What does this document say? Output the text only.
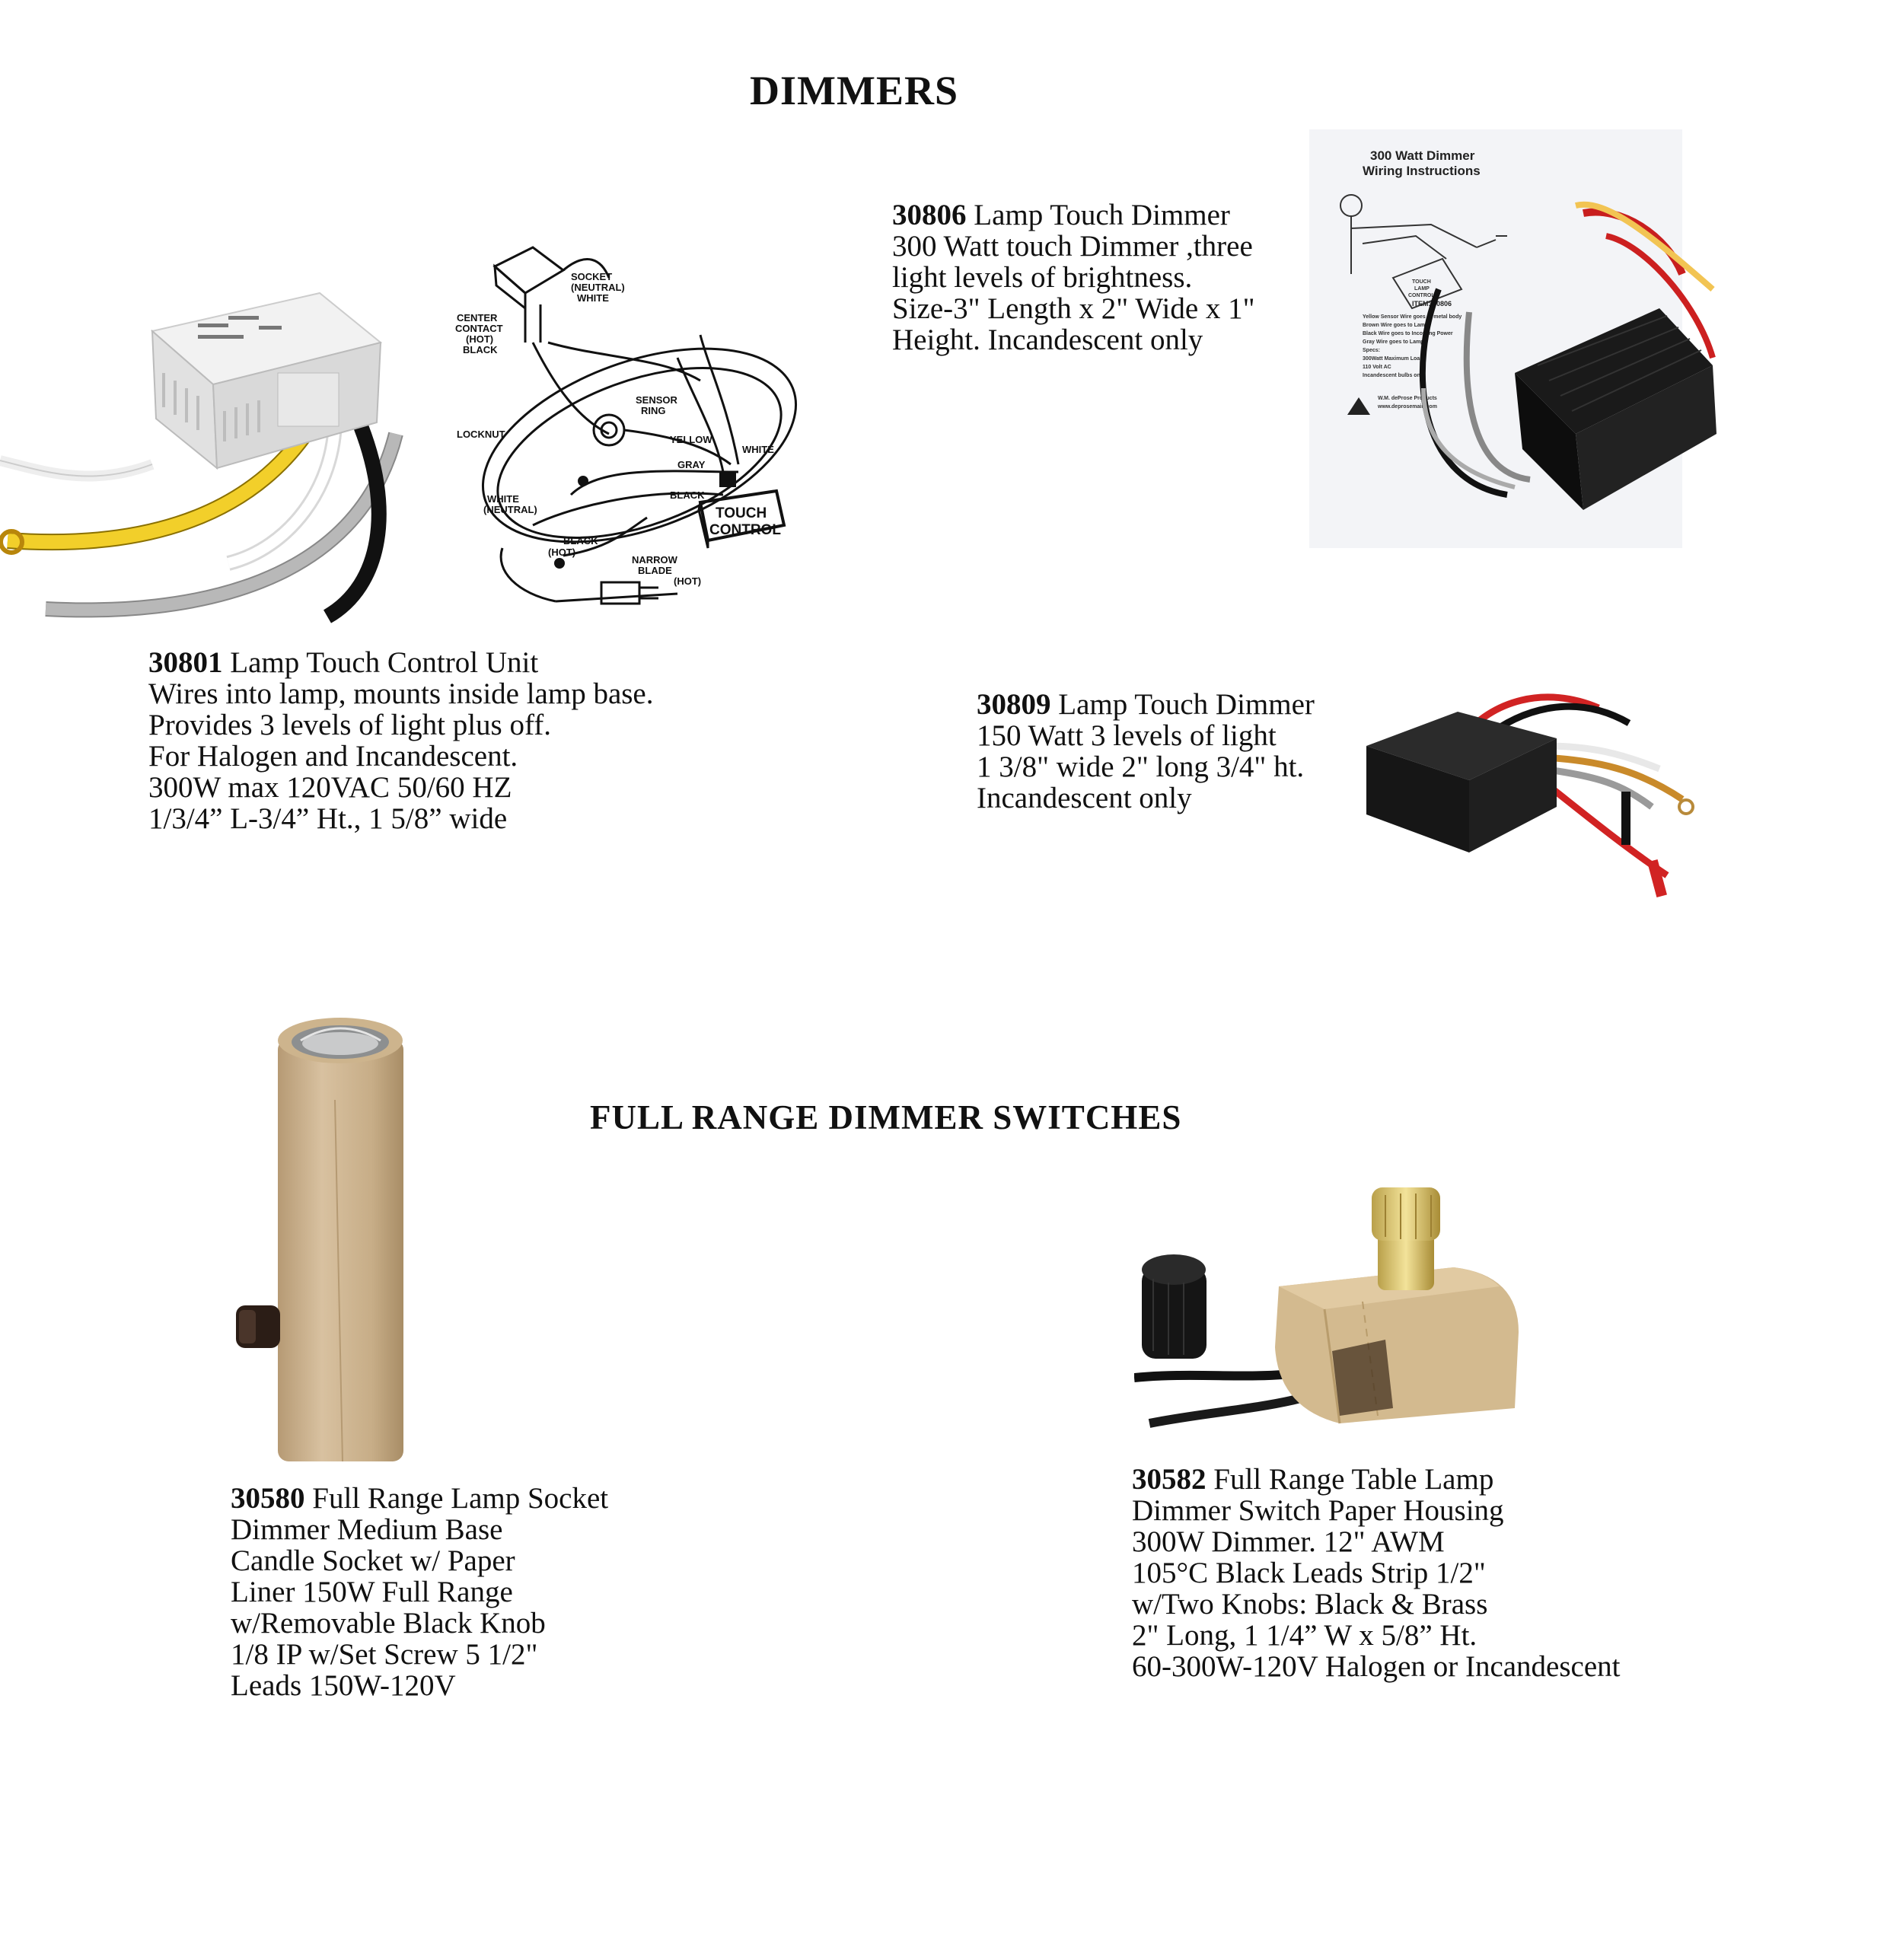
DIMMERS
FULL RANGE DIMMER SWITCHES
SOCKET
(NEUTRAL)
WHITE
CENTER
CONTACT
(HOT)
BLACK
LOCKNUT
SENSOR
RING
YELLOW
WHITE
GRAY
BLACK
WHITE
(NEUTRAL)
BLACK
(HOT)
NARROW
BLADE
(HOT)
TOUCH
CONTROL
300 Watt Dimmer
Wiring Instructions
ITEM: 30806
Yellow Sensor Wire goes to metal body
Brown Wire goes to Lamp
Black Wire goes to Incoming Power
Gray Wire goes to Lamp
Specs:
300Watt Maximum Load
110 Volt AC
Incandescent bulbs only
W.M. deProse Products
www.deprosemain.com
TOUCH
LAMP
CONTROL
30801 Lamp Touch Control Unit
Wires into lamp, mounts inside lamp base.
Provides 3 levels of light plus off.
For Halogen and Incandescent.
300W max 120VAC 50/60 HZ
1/3/4” L-3/4” Ht., 1 5/8” wide
30806 Lamp Touch Dimmer
300 Watt touch Dimmer ,three
light levels of brightness.
Size-3" Length x 2" Wide x 1"
Height. Incandescent only
30809 Lamp Touch Dimmer
150 Watt 3 levels of light
1 3/8" wide 2" long 3/4" ht.
Incandescent only
30580 Full Range Lamp Socket
Dimmer Medium Base
Candle Socket w/ Paper
Liner 150W Full Range
w/Removable Black Knob
1/8 IP w/Set Screw 5 1/2"
Leads 150W-120V
30582 Full Range Table Lamp
Dimmer Switch Paper Housing
300W Dimmer. 12" AWM
105°C Black Leads Strip 1/2"
w/Two Knobs: Black & Brass
2" Long, 1 1/4” W x 5/8” Ht.
60-300W-120V Halogen or Incandescent
